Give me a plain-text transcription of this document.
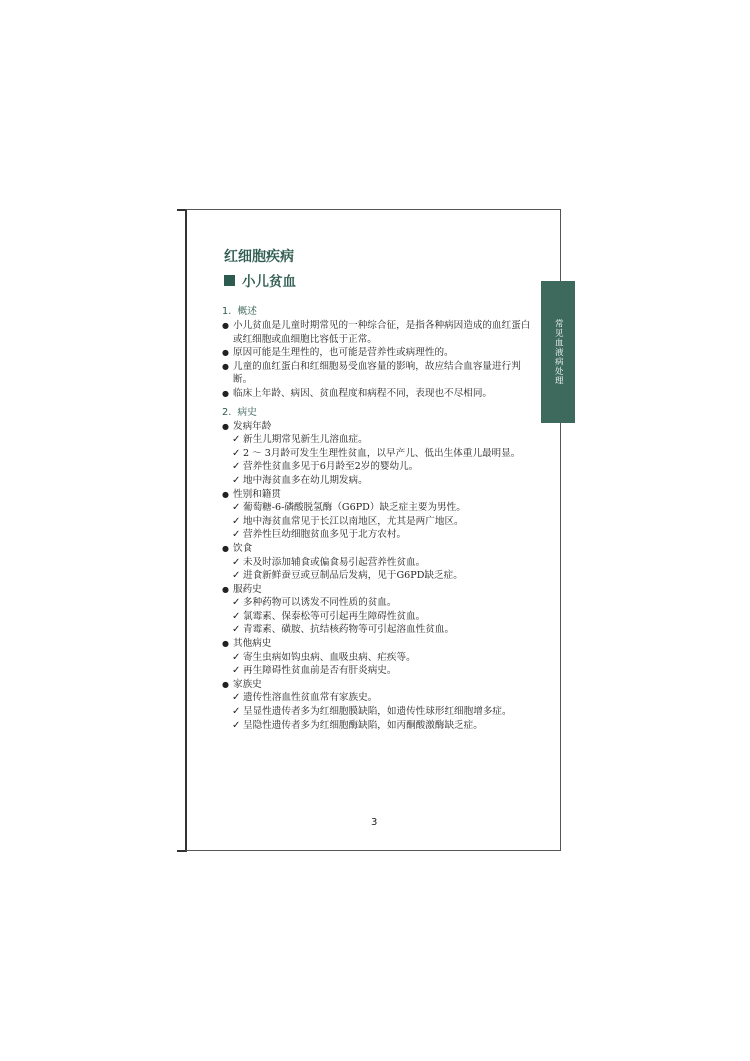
常见血液病处理
红细胞疾病
小儿贫血
1. 概述
● 小儿贫血是儿童时期常见的一种综合征，是指各种病因造成的血红蛋白或红细胞或血细胞比容低于正常。
● 原因可能是生理性的，也可能是营养性或病理性的。
● 儿童的血红蛋白和红细胞易受血容量的影响，故应结合血容量进行判断。
● 临床上年龄、病因、贫血程度和病程不同，表现也不尽相同。
2. 病史
● 发病年龄
✓ 新生儿期常见新生儿溶血症。
✓ 2 ～ 3月龄可发生生理性贫血，以早产儿、低出生体重儿最明显。
✓ 营养性贫血多见于6月龄至2岁的婴幼儿。
✓ 地中海贫血多在幼儿期发病。
● 性别和籍贯
✓ 葡萄糖-6-磷酸脱氢酶（G6PD）缺乏症主要为男性。
✓ 地中海贫血常见于长江以南地区，尤其是两广地区。
✓ 营养性巨幼细胞贫血多见于北方农村。
● 饮食
✓ 未及时添加辅食或偏食易引起营养性贫血。
✓ 进食新鲜蚕豆或豆制品后发病，见于G6PD缺乏症。
● 服药史
✓ 多种药物可以诱发不同性质的贫血。
✓ 氯霉素、保泰松等可引起再生障碍性贫血。
✓ 青霉素、磺胺、抗结核药物等可引起溶血性贫血。
● 其他病史
✓ 寄生虫病如钩虫病、血吸虫病、疟疾等。
✓ 再生障碍性贫血前是否有肝炎病史。
● 家族史
✓ 遗传性溶血性贫血常有家族史。
✓ 呈显性遗传者多为红细胞膜缺陷，如遗传性球形红细胞增多症。
✓ 呈隐性遗传者多为红细胞酶缺陷，如丙酮酸激酶缺乏症。
3
